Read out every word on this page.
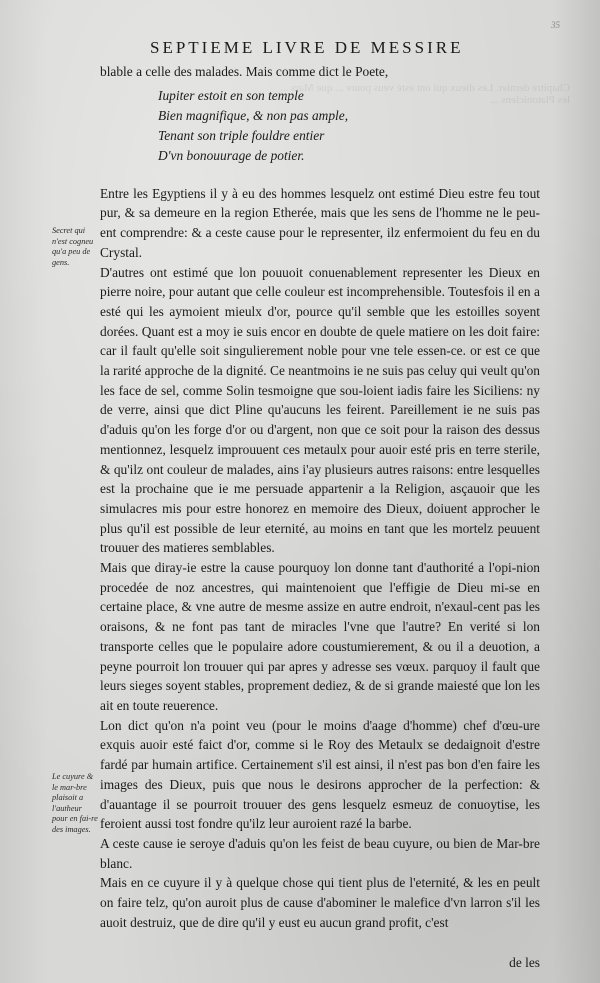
Chapitre dernier. Les dieux qui ont esté veus poure ... que Mars ... les Platoniciens ...
35
SEPTIEME LIVRE DE MESSIRE

blable a celle des malades. Mais comme dict le Poete,

Iupiter estoit en son temple
Bien magnifique, & non pas ample,
Tenant son triple fouldre entier
D'vn bonouurage de potier.

Entre les Egyptiens il y à eu des hommes lesquelz ont estimé Dieu estre feu tout pur, & sa demeure en la region Etherée, mais que les sens de l'homme ne le peu-ent comprendre: & a ceste cause pour le representer, ilz enfermoient du feu en du Crystal.

D'autres ont estimé que lon pouuoit conuenablement representer les Dieux en pierre noire, pour autant que celle couleur est incomprehensible. Toutesfois il en a esté qui les aymoient mieulx d'or, pource qu'il semble que les estoilles soyent dorées. Quant est a moy ie suis encor en doubte de quele matiere on les doit faire: car il fault qu'elle soit singulierement noble pour vne tele essen-ce. or est ce que la rarité approche de la dignité. Ce neantmoins ie ne suis pas celuy qui veult qu'on les face de sel, comme Solin tesmoigne que sou-loient iadis faire les Siciliens: ny de verre, ainsi que dict Pline qu'aucuns les feirent. Pareillement ie ne suis pas d'aduis qu'on les forge d'or ou d'argent, non que ce soit pour la raison des dessus mentionnez, lesquelz improuuent ces metaulx pour auoir esté pris en terre sterile, & qu'ilz ont couleur de malades, ains i'ay plusieurs autres raisons: entre lesquelles est la prochaine que ie me persuade appartenir a la Religion, asçauoir que les simulacres mis pour estre honorez en memoire des Dieux, doiuent approcher le plus qu'il est possible de leur eternité, au moins en tant que les mortelz peuuent trouuer des matieres semblables.

Mais que diray-ie estre la cause pourquoy lon donne tant d'authorité a l'opi-nion procedée de noz ancestres, qui maintenoient que l'effigie de Dieu mi-se en certaine place, & vne autre de mesme assize en autre endroit, n'exaul-cent pas les oraisons, & ne font pas tant de miracles l'vne que l'autre? En verité si lon transporte celles que le populaire adore coustumierement, & ou il a deuotion, a peyne pourroit lon trouuer qui par apres y adresse ses vœux. parquoy il fault que leurs sieges soyent stables, proprement dediez, & de si grande maiesté que lon les ait en toute reuerence.

Lon dict qu'on n'a point veu (pour le moins d'aage d'homme) chef d'œu-ure exquis auoir esté faict d'or, comme si le Roy des Metaulx se dedaignoit d'estre fardé par humain artifice. Certainement s'il est ainsi, il n'est pas bon d'en faire les images des Dieux, puis que nous le desirons approcher de la perfection: & d'auantage il se pourroit trouuer des gens lesquelz esmeuz de conuoytise, les feroient aussi tost fondre qu'ilz leur auroient razé la barbe.

A ceste cause ie seroye d'aduis qu'on les feist de beau cuyure, ou bien de Mar-bre blanc.

Mais en ce cuyure il y à quelque chose qui tient plus de l'eternité, & les en peult on faire telz, qu'on auroit plus de cause d'abominer le malefice d'vn larron s'il les auoit destruiz, que de dire qu'il y eust eu aucun grand profit, c'est

Secret qui n'est cogneu qu'a peu de gens.
Le cuyure & le mar-bre plaisoit a l'autheur pour en fai-re des images.
de les
